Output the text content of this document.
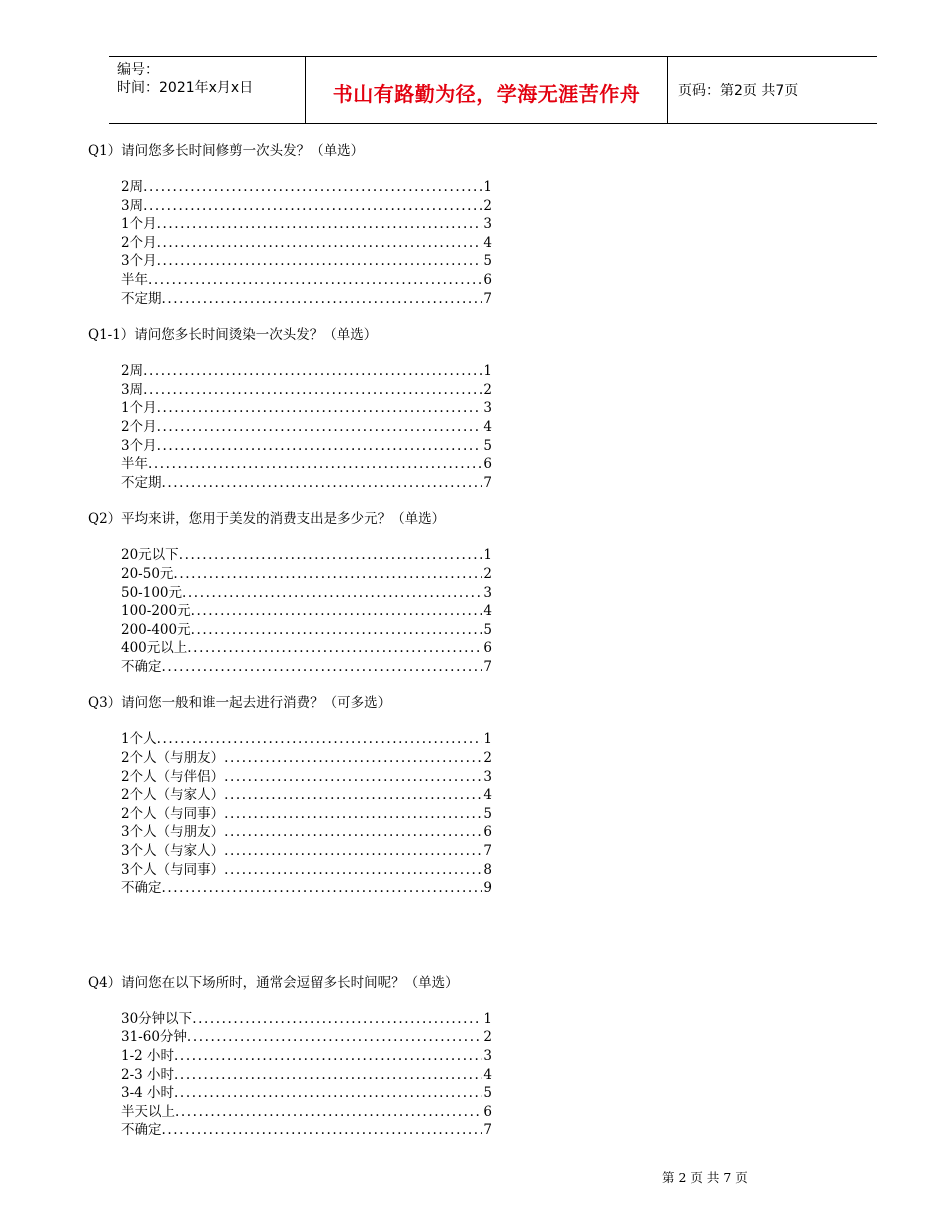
编号：
时间：2021年x月x日	书山有路勤为径，学海无涯苦作舟	页码：第2页 共7页
Q1）请问您多长时间修剪一次头发？（单选）
2周 .....	1
3周 .....	2
1个月 .....	3
2个月 .....	4
3个月 .....	5
半年 .....	6
不定期 .....	7
Q1-1）请问您多长时间烫染一次头发？（单选）
2周 .....	1
3周 .....	2
1个月 .....	3
2个月 .....	4
3个月 .....	5
半年 .....	6
不定期 .....	7
Q2）平均来讲，您用于美发的消费支出是多少元？（单选）
20元以下 .....	1
20-50元 .....	2
50-100元 .....	3
100-200元 .....	4
200-400元 .....	5
400元以上 .....	6
不确定 .....	7
Q3）请问您一般和谁一起去进行消费？（可多选）
1个人 .....	1
2个人（与朋友） .....	2
2个人（与伴侣） .....	3
2个人（与家人） .....	4
2个人（与同事） .....	5
3个人（与朋友） .....	6
3个人（与家人） .....	7
3个人（与同事） .....	8
不确定 .....	9
Q4）请问您在以下场所时，通常会逗留多长时间呢？（单选）
30分钟以下 .....	1
31-60分钟 .....	2
1-2 小时 .....	3
2-3 小时 .....	4
3-4 小时 .....	5
半天以上 .....	6
不确定 .....	7
第 2 页 共 7 页
